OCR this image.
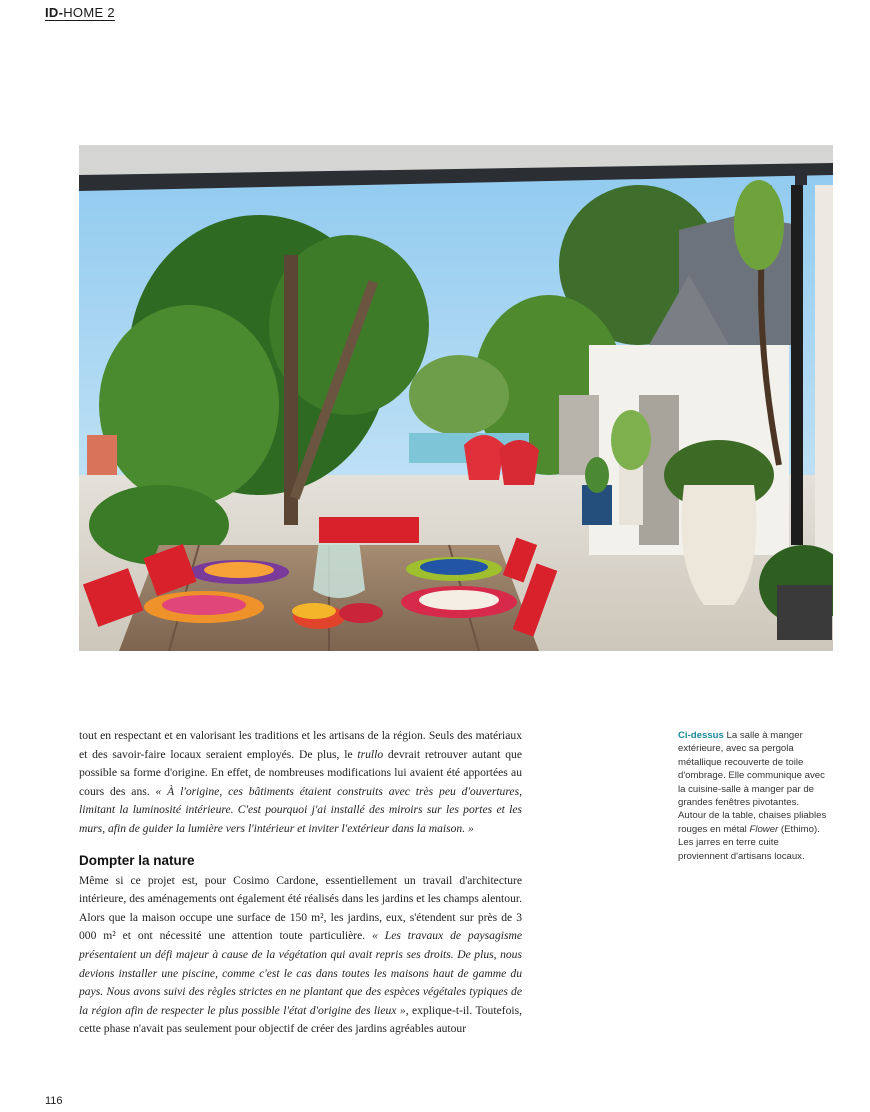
ID-HOME 2

tout en respectant et en valorisant les traditions et les artisans de la région. Seuls des matériaux et des savoir-faire locaux seraient employés. De plus, le trullo devrait retrouver autant que possible sa forme d'origine. En effet, de nombreuses modifications lui avaient été apportées au cours des ans. « À l'origine, ces bâtiments étaient construits avec très peu d'ouvertures, limitant la luminosité intérieure. C'est pourquoi j'ai installé des miroirs sur les portes et les murs, afin de guider la lumière vers l'intérieur et inviter l'extérieur dans la maison. »

Dompter la nature

Même si ce projet est, pour Cosimo Cardone, essentiellement un travail d'architecture intérieure, des aménagements ont également été réalisés dans les jardins et les champs alentour. Alors que la maison occupe une surface de 150 m², les jardins, eux, s'étendent sur près de 3 000 m² et ont nécessité une attention toute particulière. « Les travaux de paysagisme présentaient un défi majeur à cause de la végétation qui avait repris ses droits. De plus, nous devions installer une piscine, comme c'est le cas dans toutes les maisons haut de gamme du pays. Nous avons suivi des règles strictes en ne plantant que des espèces végétales typiques de la région afin de respecter le plus possible l'état d'origine des lieux », explique-t-il. Toutefois, cette phase n'avait pas seulement pour objectif de créer des jardins agréables autour

Ci-dessus La salle à manger extérieure, avec sa pergola métallique recouverte de toile d'ombrage. Elle communique avec la cuisine-salle à manger par de grandes fenêtres pivotantes. Autour de la table, chaises pliables rouges en métal Flower (Ethimo). Les jarres en terre cuite proviennent d'artisans locaux.
116
